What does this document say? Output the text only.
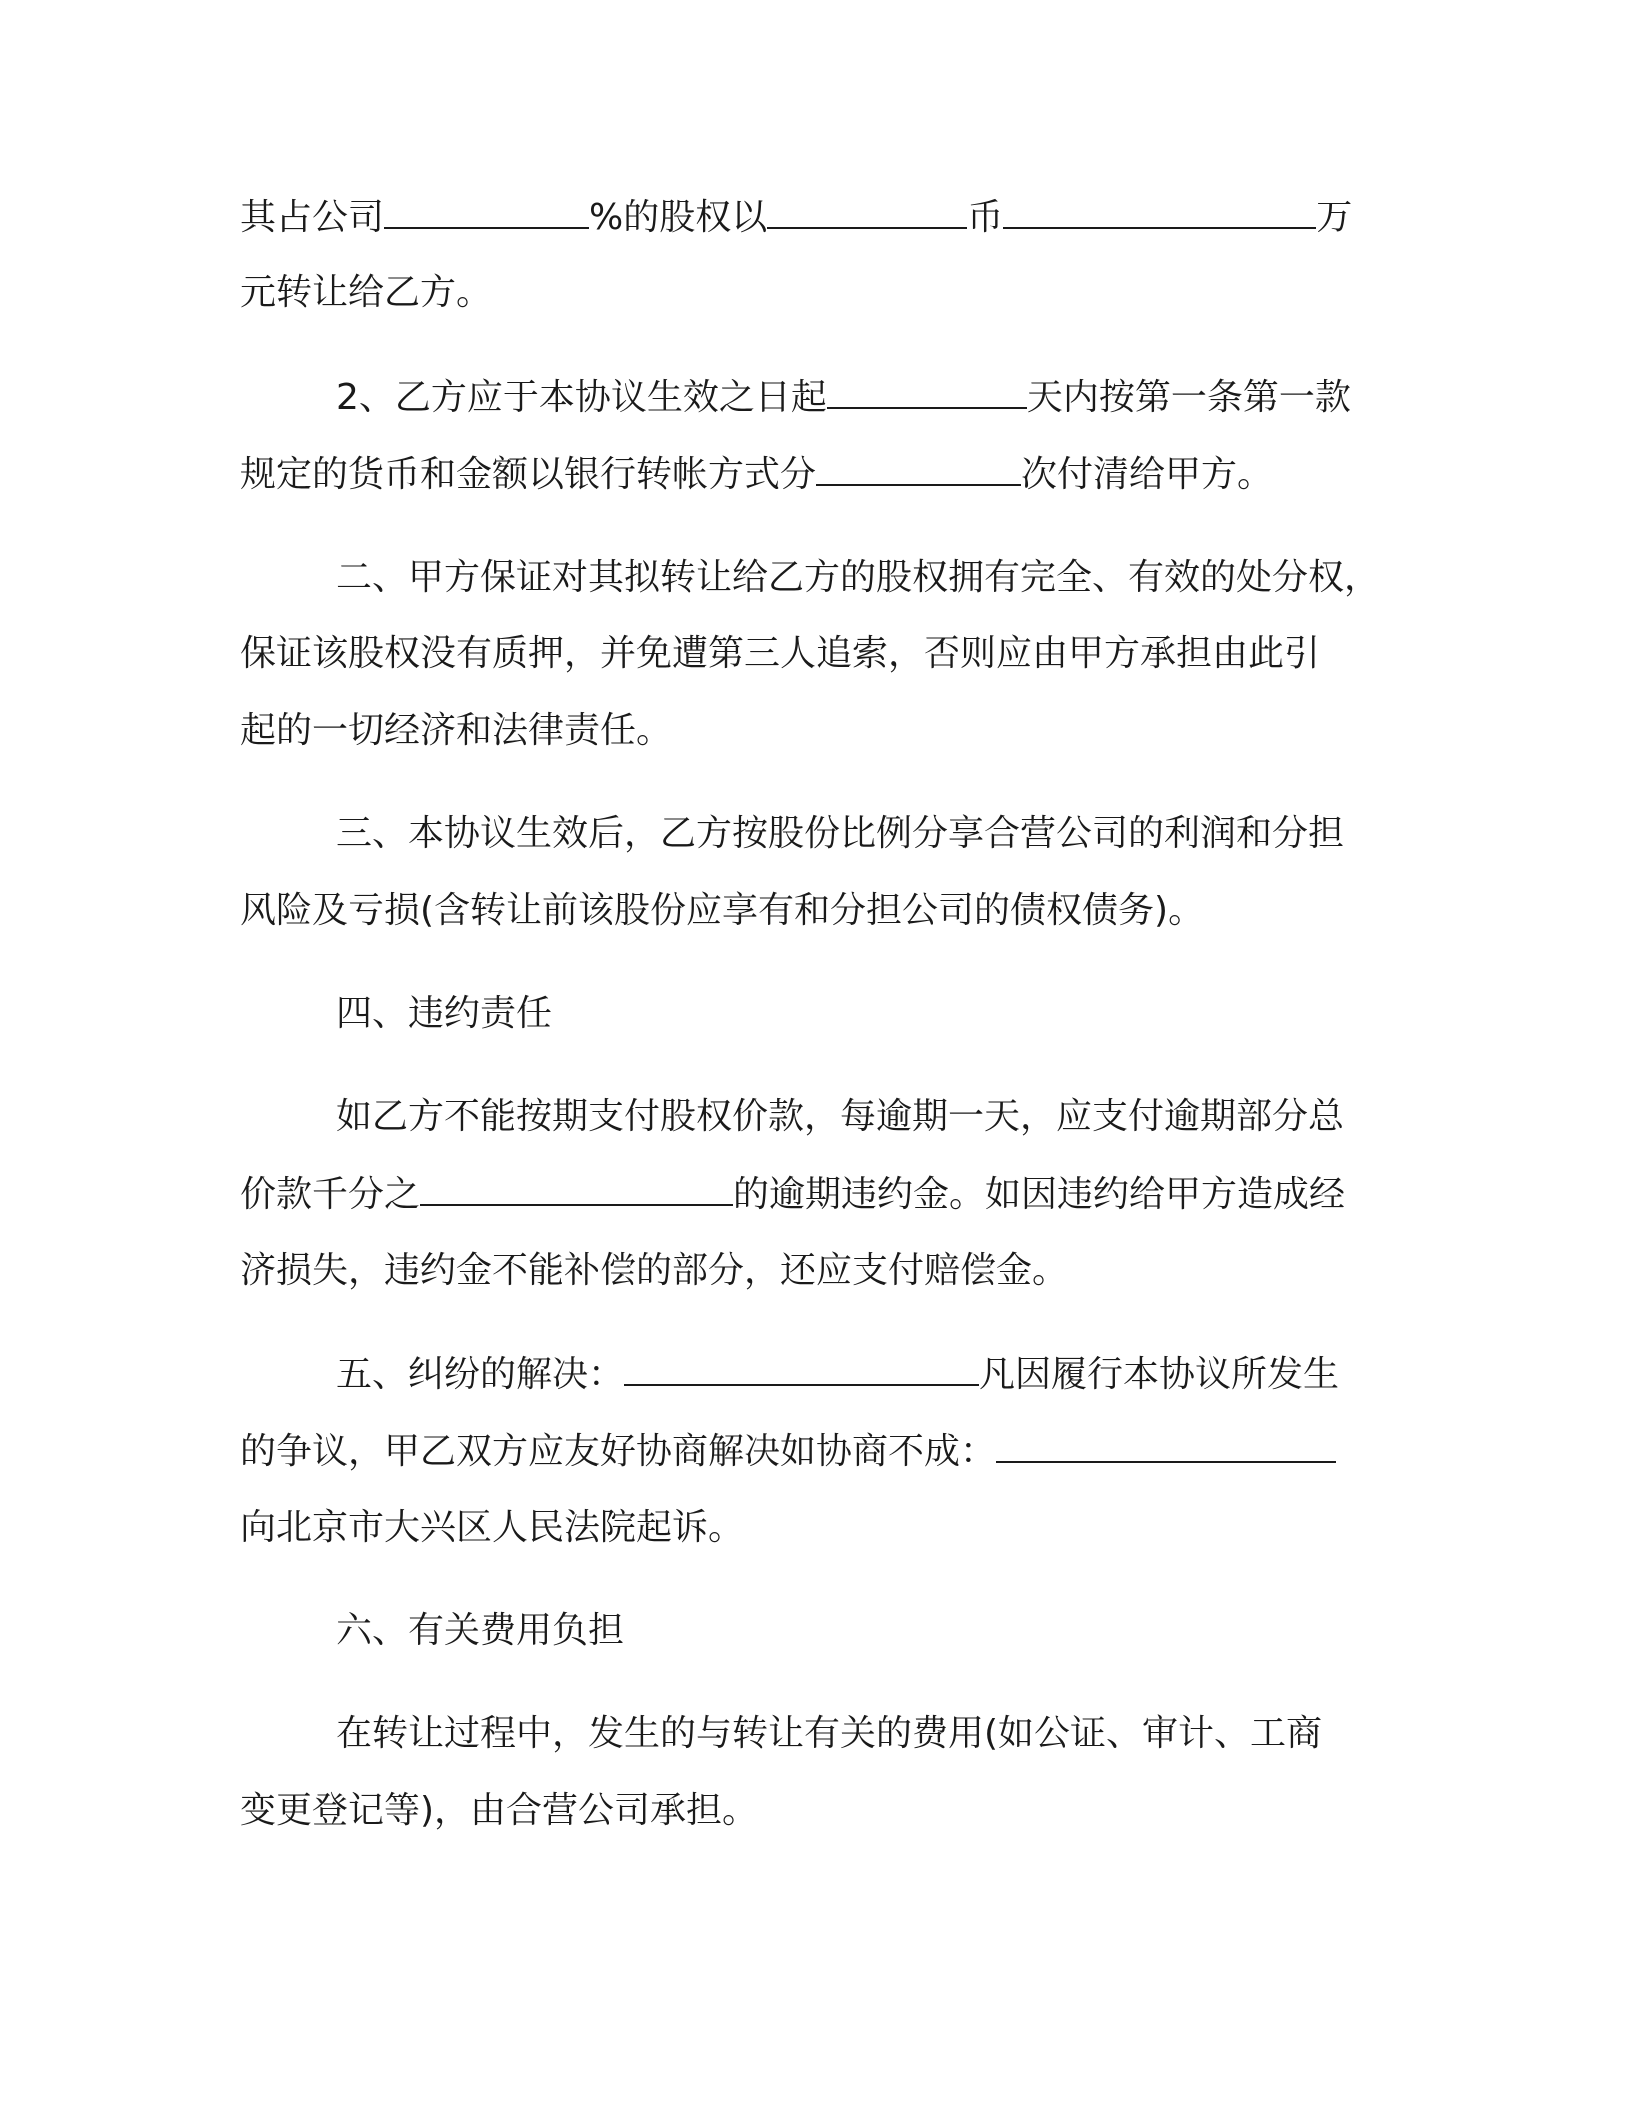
其占公司	%的股权以	币	万
元转让给乙方。
2、乙方应于本协议生效之日起	天内按第一条第一款
规定的货币和金额以银行转帐方式分	次付清给甲方。
二、甲方保证对其拟转让给乙方的股权拥有完全、有效的处分权，
保证该股权没有质押，并免遭第三人追索，否则应由甲方承担由此引
起的一切经济和法律责任。
三、本协议生效后，乙方按股份比例分享合营公司的利润和分担
风险及亏损(含转让前该股份应享有和分担公司的债权债务)。
四、违约责任
如乙方不能按期支付股权价款，每逾期一天，应支付逾期部分总
价款千分之	的逾期违约金。如因违约给甲方造成经
济损失，违约金不能补偿的部分，还应支付赔偿金。
五、纠纷的解决：	凡因履行本协议所发生
的争议，甲乙双方应友好协商解决如协商不成：
向北京市大兴区人民法院起诉。
六、有关费用负担
在转让过程中，发生的与转让有关的费用(如公证、审计、工商
变更登记等)，由合营公司承担。
